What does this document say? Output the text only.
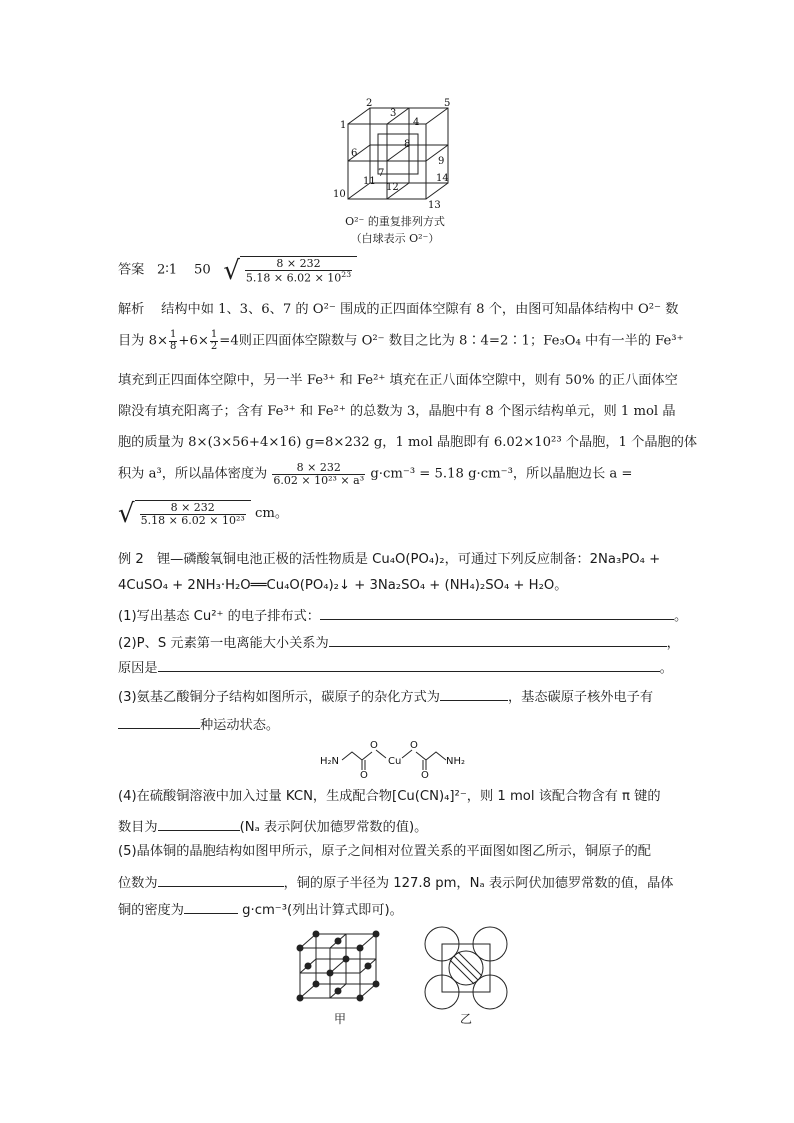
1
2
3
4
5
6
7
8
9
10
11
12
13
14
O²⁻ 的重复排列方式
（白球表示 O²⁻）
答案 2∶1 50 √ $\frac{8 \times 232}{5.18 \times 6.02 \times 10^{23}}$
解析 结构中如 1、3、6、7 的 O²⁻ 围成的正四面体空隙有 8 个，由图可知晶体结构中 O²⁻ 数
目为 $8\times \frac{1}{8} +6\times \frac{1}{2} =4$则正四面体空隙数与 O²⁻ 数目之比为 8∶4=2∶1；Fe₃O₄ 中有一半的 Fe³⁺
填充到正四面体空隙中，另一半 Fe³⁺ 和 Fe²⁺ 填充在正八面体空隙中，则有 50% 的正八面体空
隙没有填充阳离子；含有 Fe³⁺ 和 Fe²⁺ 的总数为 3，晶胞中有 8 个图示结构单元，则 1 mol 晶
胞的质量为 8×(3×56+4×16) g=8×232 g，1 mol 晶胞即有 6.02×10²³ 个晶胞，1 个晶胞的体
积为 a³，所以晶体密度为 $\frac{8 \times 232}{\text{6.02 × 10²³ × a³}} g\cdot cm^{-3} = 5.18$ g·cm⁻³，所以晶胞边长 a =
√ $\frac{8 \times 232}{\text{5.18 × 6.02 × 10²³}}$ cm。
例 2　锂—磷酸氧铜电池正极的活性物质是 Cu₄O(PO₄)₂，可通过下列反应制备：2Na₃PO₄ +
4CuSO₄ + 2NH₃·H₂O══Cu₄O(PO₄)₂↓ + 3Na₂SO₄ + (NH₄)₂SO₄ + H₂O。
(1)写出基态 Cu²⁺ 的电子排布式：	。
(2)P、S 元素第一电离能大小关系为	，
原因是	。
(3)氨基乙酸铜分子结构如图所示，碳原子的杂化方式为	，基态碳原子核外电子有
种运动状态。
H₂N
O
Cu
O
O	O
NH₂
(4)在硫酸铜溶液中加入过量 KCN，生成配合物[Cu(CN)₄]²⁻，则 1 mol 该配合物含有 π 键的
数目为	(Nₐ 表示阿伏加德罗常数的值)。
(5)晶体铜的晶胞结构如图甲所示，原子之间相对位置关系的平面图如图乙所示，铜原子的配
位数为	，铜的原子半径为 127.8 pm，Nₐ 表示阿伏加德罗常数的值，晶体
铜的密度为	g·cm⁻³(列出计算式即可)。
甲	乙
